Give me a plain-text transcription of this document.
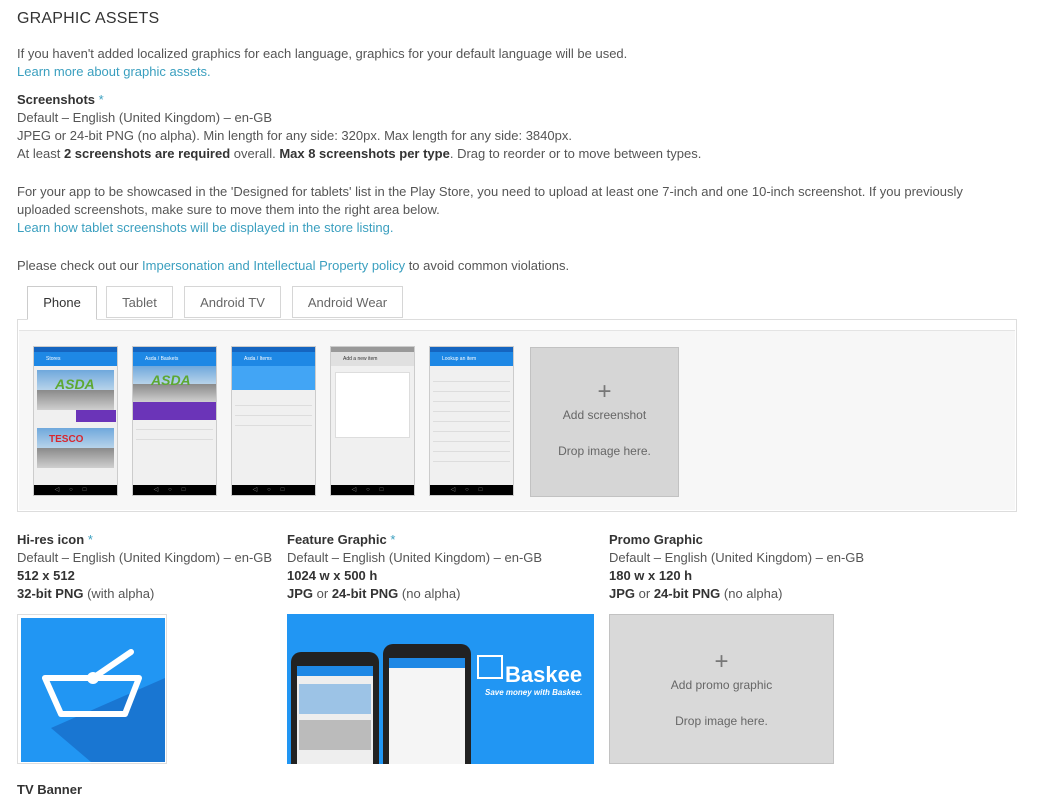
GRAPHIC ASSETS
If you haven't added localized graphics for each language, graphics for your default language will be used.
Learn more about graphic assets.
Screenshots *
Default – English (United Kingdom) – en-GB
JPEG or 24-bit PNG (no alpha). Min length for any side: 320px. Max length for any side: 3840px.
At least 2 screenshots are required overall. Max 8 screenshots per type. Drag to reorder or to move between types.
For your app to be showcased in the 'Designed for tablets' list in the Play Store, you need to upload at least one 7-inch and one 10-inch screenshot. If you previously
uploaded screenshots, make sure to move them into the right area below.
Learn how tablet screenshots will be displayed in the store listing.
Please check out our Impersonation and Intellectual Property policy to avoid common violations.
Phone	Tablet	Android TV	Android Wear
Stores
ASDA
TESCO
◁○□
Asda / Baskets
ASDA
◁○□
Asda / Items
◁○□
Add a new item
◁○□
Lookup an item
◁○□
+
Add screenshot
Drop image here.
Hi-res icon *
Default – English (United Kingdom) – en-GB
512 x 512
32-bit PNG (with alpha)
Feature Graphic *
Default – English (United Kingdom) – en-GB
1024 w x 500 h
JPG or 24-bit PNG (no alpha)
Baskee
Save money with Baskee.
Promo Graphic
Default – English (United Kingdom) – en-GB
180 w x 120 h
JPG or 24-bit PNG (no alpha)
+
Add promo graphic
Drop image here.
TV Banner
